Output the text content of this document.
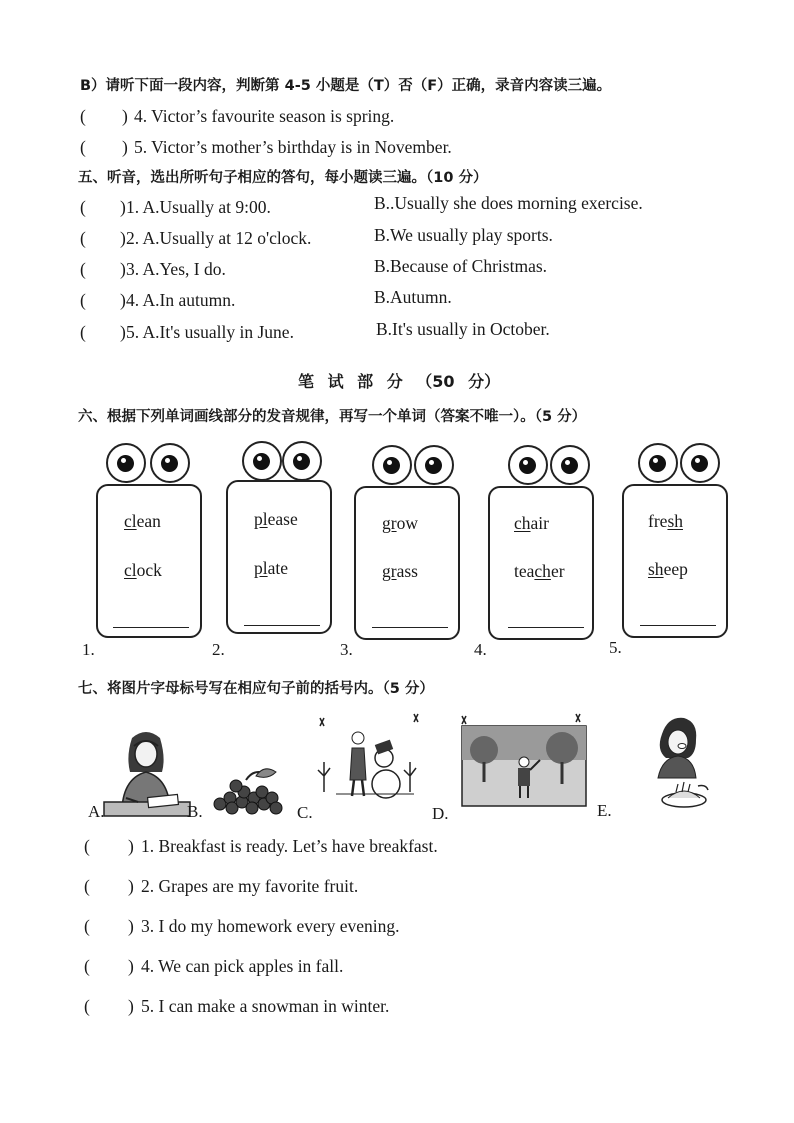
B）请听下面一段内容，判断第 4-5 小题是（T）否（F）正确，录音内容读三遍。
( ) 4. Victor’s favourite season is spring.
( ) 5. Victor’s mother’s birthday is in November.
五、听音，选出所听句子相应的答句，每小题读三遍。（10 分）
( ) 1. A.Usually at 9:00.	B..Usually she does morning exercise.
( ) 2. A.Usually at 12 o'clock.	B.We usually play sports.
( ) 3. A.Yes, I do.	B.Because of Christmas.
( ) 4. A.In autumn.	B.Autumn.
( ) 5. A.It's usually in June.	B.It's usually in October.
笔 试 部 分 （50 分）
六、根据下列单词画线部分的发音规律，再写一个单词（答案不唯一）。（5 分）
clean
clock
1.
please
plate
2.
grow
grass
3.
chair
teacher
4.
fresh
sheep
5.
七、将图片字母标号写在相应句子前的括号内。（5 分）
A.	B.	C.	D.	E.
( ) 1. Breakfast is ready. Let’s have breakfast.
( ) 2. Grapes are my favorite fruit.
( ) 3. I do my homework every evening.
( ) 4. We can pick apples in fall.
( ) 5. I can make a snowman in winter.
